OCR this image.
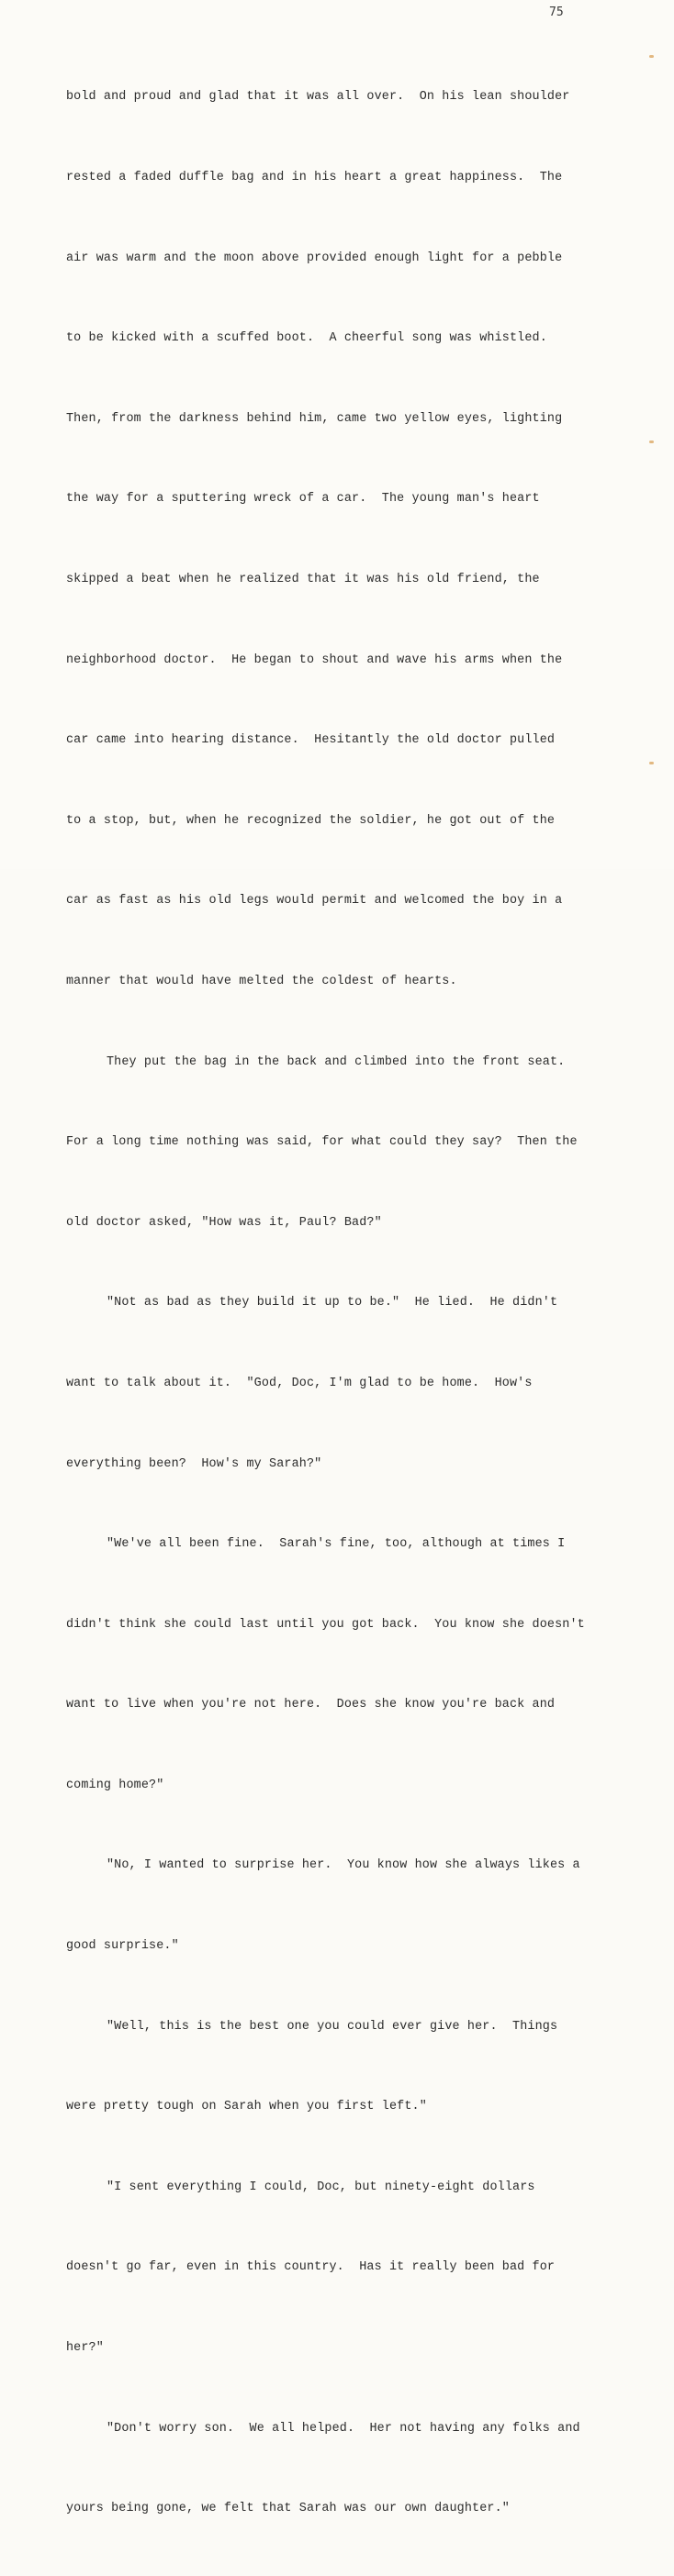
75

bold and proud and glad that it was all over.  On his lean shoulder

rested a faded duffle bag and in his heart a great happiness.  The

air was warm and the moon above provided enough light for a pebble

to be kicked with a scuffed boot.  A cheerful song was whistled.

Then, from the darkness behind him, came two yellow eyes, lighting

the way for a sputtering wreck of a car.  The young man's heart

skipped a beat when he realized that it was his old friend, the

neighborhood doctor.  He began to shout and wave his arms when the

car came into hearing distance.  Hesitantly the old doctor pulled

to a stop, but, when he recognized the soldier, he got out of the

car as fast as his old legs would permit and welcomed the boy in a

manner that would have melted the coldest of hearts.

They put the bag in the back and climbed into the front seat.

For a long time nothing was said, for what could they say?  Then the

old doctor asked, "How was it, Paul? Bad?"

"Not as bad as they build it up to be."  He lied.  He didn't

want to talk about it.  "God, Doc, I'm glad to be home.  How's

everything been?  How's my Sarah?"

"We've all been fine.  Sarah's fine, too, although at times I

didn't think she could last until you got back.  You know she doesn't

want to live when you're not here.  Does she know you're back and

coming home?"

"No, I wanted to surprise her.  You know how she always likes a

good surprise."

"Well, this is the best one you could ever give her.  Things

were pretty tough on Sarah when you first left."

"I sent everything I could, Doc, but ninety-eight dollars

doesn't go far, even in this country.  Has it really been bad for

her?"

"Don't worry son.  We all helped.  Her not having any folks and

yours being gone, we felt that Sarah was our own daughter."
